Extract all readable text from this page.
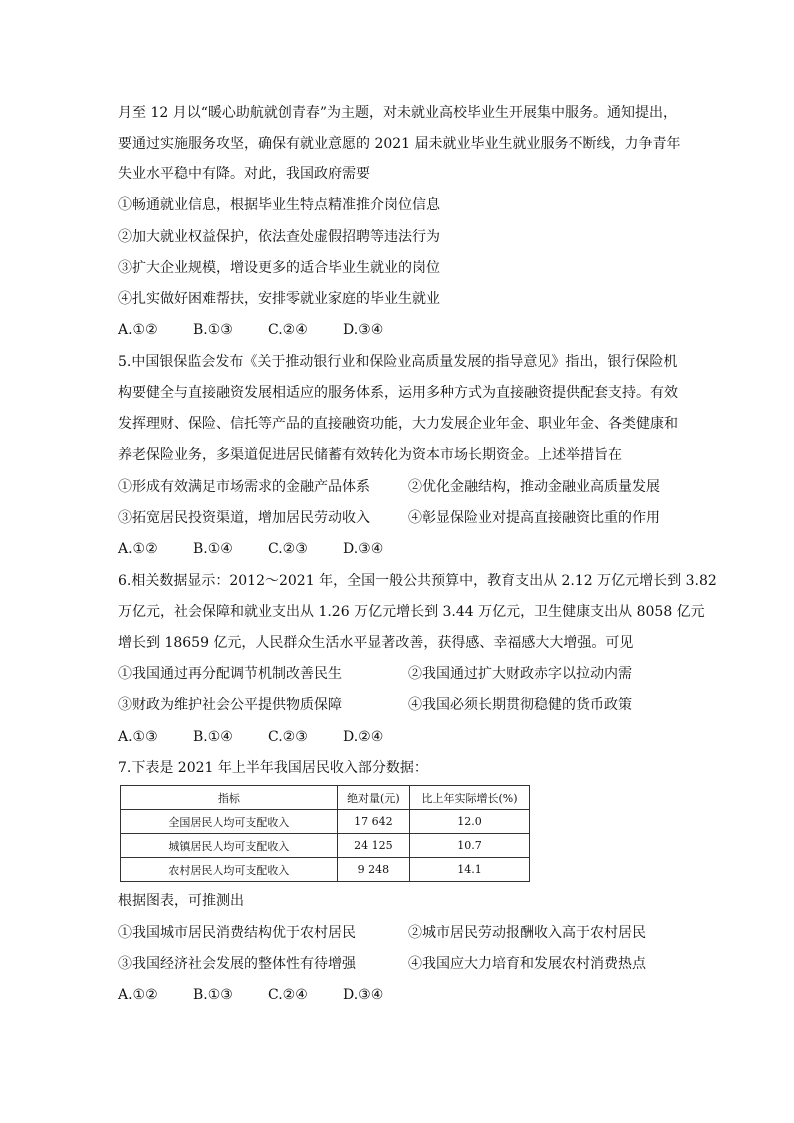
月至 12 月以“暖心助航就创青春”为主题，对未就业高校毕业生开展集中服务。通知提出，
要通过实施服务攻坚，确保有就业意愿的 2021 届未就业毕业生就业服务不断线，力争青年
失业水平稳中有降。对此，我国政府需要
①畅通就业信息，根据毕业生特点精准推介岗位信息
②加大就业权益保护，依法查处虚假招聘等违法行为
③扩大企业规模，增设更多的适合毕业生就业的岗位
④扎实做好困难帮扶，安排零就业家庭的毕业生就业
A.①②	B.①③	C.②④	D.③④
5.中国银保监会发布《关于推动银行业和保险业高质量发展的指导意见》指出，银行保险机
构要健全与直接融资发展相适应的服务体系，运用多种方式为直接融资提供配套支持。有效
发挥理财、保险、信托等产品的直接融资功能，大力发展企业年金、职业年金、各类健康和
养老保险业务，多渠道促进居民储蓄有效转化为资本市场长期资金。上述举措旨在
①形成有效满足市场需求的金融产品体系	②优化金融结构，推动金融业高质量发展
③拓宽居民投资渠道，增加居民劳动收入	④彰显保险业对提高直接融资比重的作用
A.①②	B.①④	C.②③	D.③④
6.相关数据显示：2012～2021 年，全国一般公共预算中，教育支出从 2.12 万亿元增长到 3.82
万亿元，社会保障和就业支出从 1.26 万亿元增长到 3.44 万亿元，卫生健康支出从 8058 亿元
增长到 18659 亿元，人民群众生活水平显著改善，获得感、幸福感大大增强。可见
①我国通过再分配调节机制改善民生	②我国通过扩大财政赤字以拉动内需
③财政为维护社会公平提供物质保障	④我国必须长期贯彻稳健的货币政策
A.①③	B.①④	C.②③	D.②④
7.下表是 2021 年上半年我国居民收入部分数据：
指标	绝对量(元)	比上年实际增长(%)
全国居民人均可支配收入	17 642	12.0
城镇居民人均可支配收入	24 125	10.7
农村居民人均可支配收入	9 248	14.1
根据图表，可推测出
①我国城市居民消费结构优于农村居民	②城市居民劳动报酬收入高于农村居民
③我国经济社会发展的整体性有待增强	④我国应大力培育和发展农村消费热点
A.①②	B.①③	C.②④	D.③④
